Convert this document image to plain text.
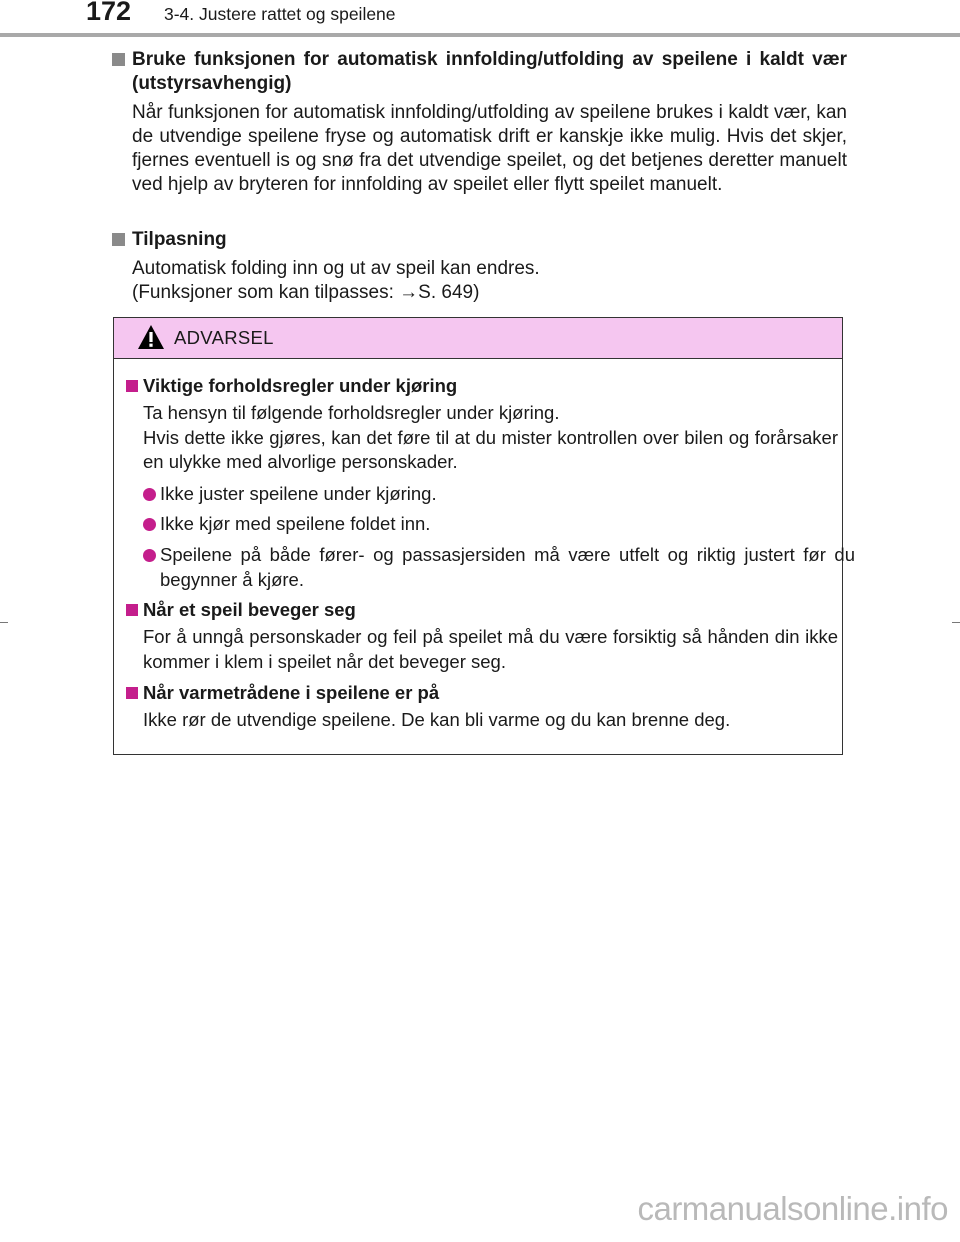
172 3-4. Justere rattet og speilene
Bruke funksjonen for automatisk innfolding/utfolding av speilene i kaldt vær (utstyrsavhengig)
Når funksjonen for automatisk innfolding/utfolding av speilene brukes i kaldt vær, kan de utvendige speilene fryse og automatisk drift er kanskje ikke mulig. Hvis det skjer, fjernes eventuell is og snø fra det utvendige speilet, og det betjenes deretter manuelt ved hjelp av bryteren for innfolding av speilet eller flytt speilet manuelt.
Tilpasning
Automatisk folding inn og ut av speil kan endres.
(Funksjoner som kan tilpasses: →S. 649)
ADVARSEL
Viktige forholdsregler under kjøring
Ta hensyn til følgende forholdsregler under kjøring.
Hvis dette ikke gjøres, kan det føre til at du mister kontrollen over bilen og forårsaker en ulykke med alvorlige personskader.
Ikke juster speilene under kjøring.
Ikke kjør med speilene foldet inn.
Speilene på både fører- og passasjersiden må være utfelt og riktig justert før du begynner å kjøre.
Når et speil beveger seg
For å unngå personskader og feil på speilet må du være forsiktig så hånden din ikke kommer i klem i speilet når det beveger seg.
Når varmetrådene i speilene er på
Ikke rør de utvendige speilene. De kan bli varme og du kan brenne deg.
carmanualsonline.info
